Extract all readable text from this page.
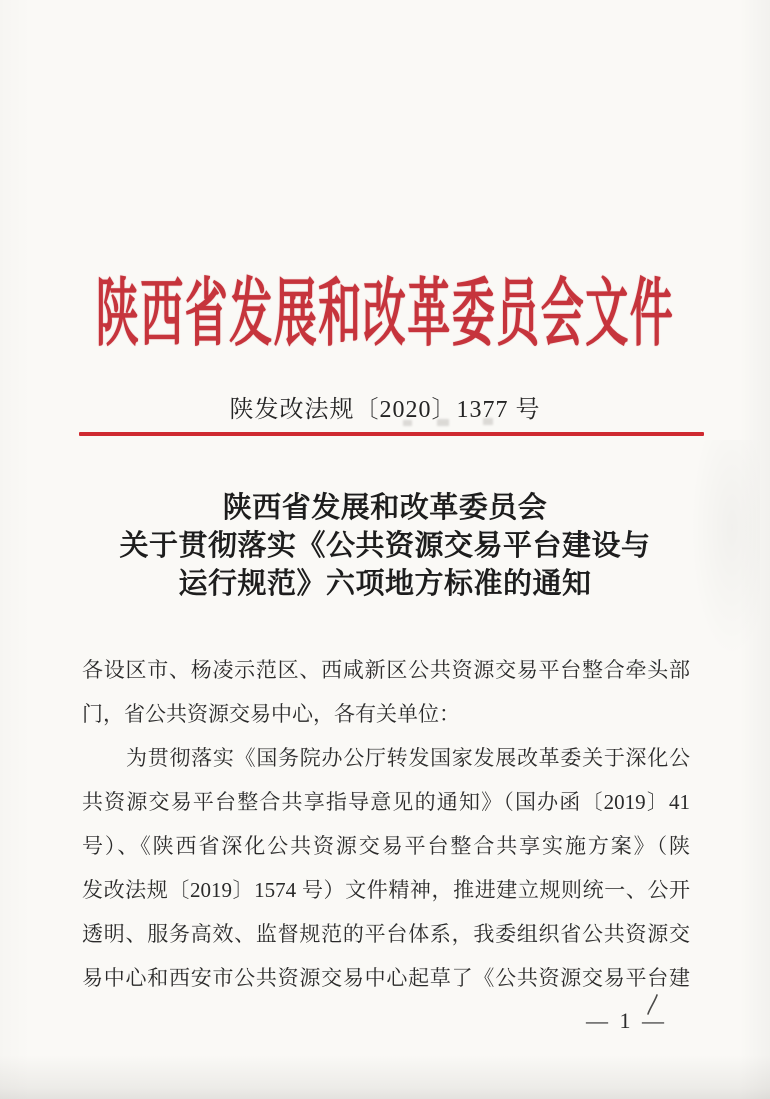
陕西省发展和改革委员会文件
陕发改法规〔2020〕1377 号
陕西省发展和改革委员会
关于贯彻落实《公共资源交易平台建设与
运行规范》六项地方标准的通知
各设区市、杨凌示范区、西咸新区公共资源交易平台整合牵头部
门，省公共资源交易中心，各有关单位：
为贯彻落实《国务院办公厅转发国家发展改革委关于深化公
共资源交易平台整合共享指导意见的通知》（国办函〔2019〕41
号）、《陕西省深化公共资源交易平台整合共享实施方案》（陕
发改法规〔2019〕1574 号）文件精神，推进建立规则统一、公开
透明、服务高效、监督规范的平台体系，我委组织省公共资源交
易中心和西安市公共资源交易中心起草了《公共资源交易平台建
— 1 —
